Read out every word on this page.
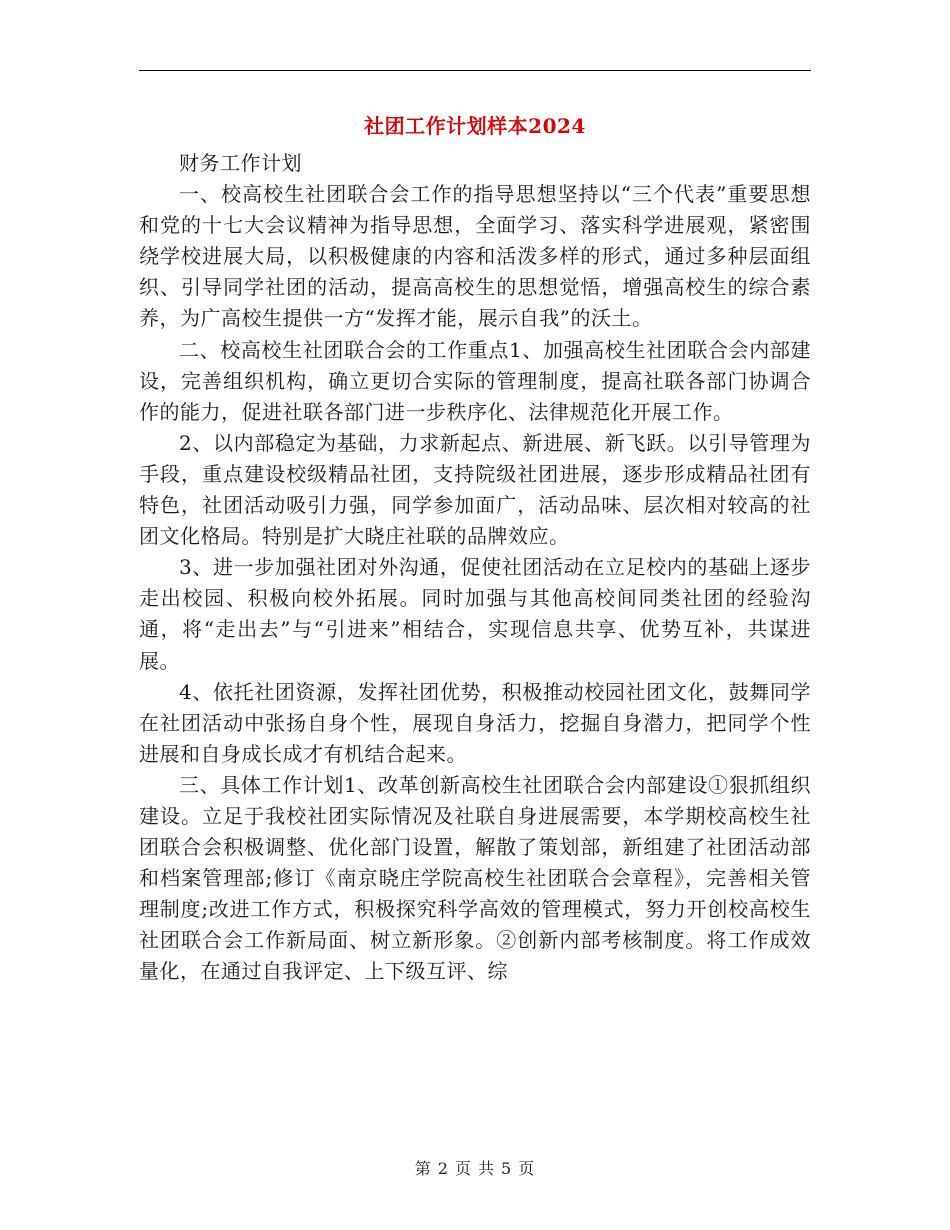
社团工作计划样本2024

财务工作计划

一、校高校生社团联合会工作的指导思想坚持以“三个代表”重要思想和党的十七大会议精神为指导思想，全面学习、落实科学进展观，紧密围绕学校进展大局，以积极健康的内容和活泼多样的形式，通过多种层面组织、引导同学社团的活动，提高高校生的思想觉悟，增强高校生的综合素养，为广高校生提供一方“发挥才能，展示自我”的沃土。

二、校高校生社团联合会的工作重点1、加强高校生社团联合会内部建设，完善组织机构，确立更切合实际的管理制度，提高社联各部门协调合作的能力，促进社联各部门进一步秩序化、法律规范化开展工作。

2、以内部稳定为基础，力求新起点、新进展、新飞跃。以引导管理为手段，重点建设校级精品社团，支持院级社团进展，逐步形成精品社团有特色，社团活动吸引力强，同学参加面广，活动品味、层次相对较高的社团文化格局。特别是扩大晓庄社联的品牌效应。

3、进一步加强社团对外沟通，促使社团活动在立足校内的基础上逐步走出校园、积极向校外拓展。同时加强与其他高校间同类社团的经验沟通，将“走出去”与“引进来”相结合，实现信息共享、优势互补，共谋进展。

4、依托社团资源，发挥社团优势，积极推动校园社团文化，鼓舞同学在社团活动中张扬自身个性，展现自身活力，挖掘自身潜力，把同学个性进展和自身成长成才有机结合起来。

三、具体工作计划1、改革创新高校生社团联合会内部建设①狠抓组织建设。立足于我校社团实际情况及社联自身进展需要，本学期校高校生社团联合会积极调整、优化部门设置，解散了策划部，新组建了社团活动部和档案管理部;修订《南京晓庄学院高校生社团联合会章程》，完善相关管理制度;改进工作方式，积极探究科学高效的管理模式，努力开创校高校生社团联合会工作新局面、树立新形象。②创新内部考核制度。将工作成效量化，在通过自我评定、上下级互评、综

第 2 页 共 5 页
